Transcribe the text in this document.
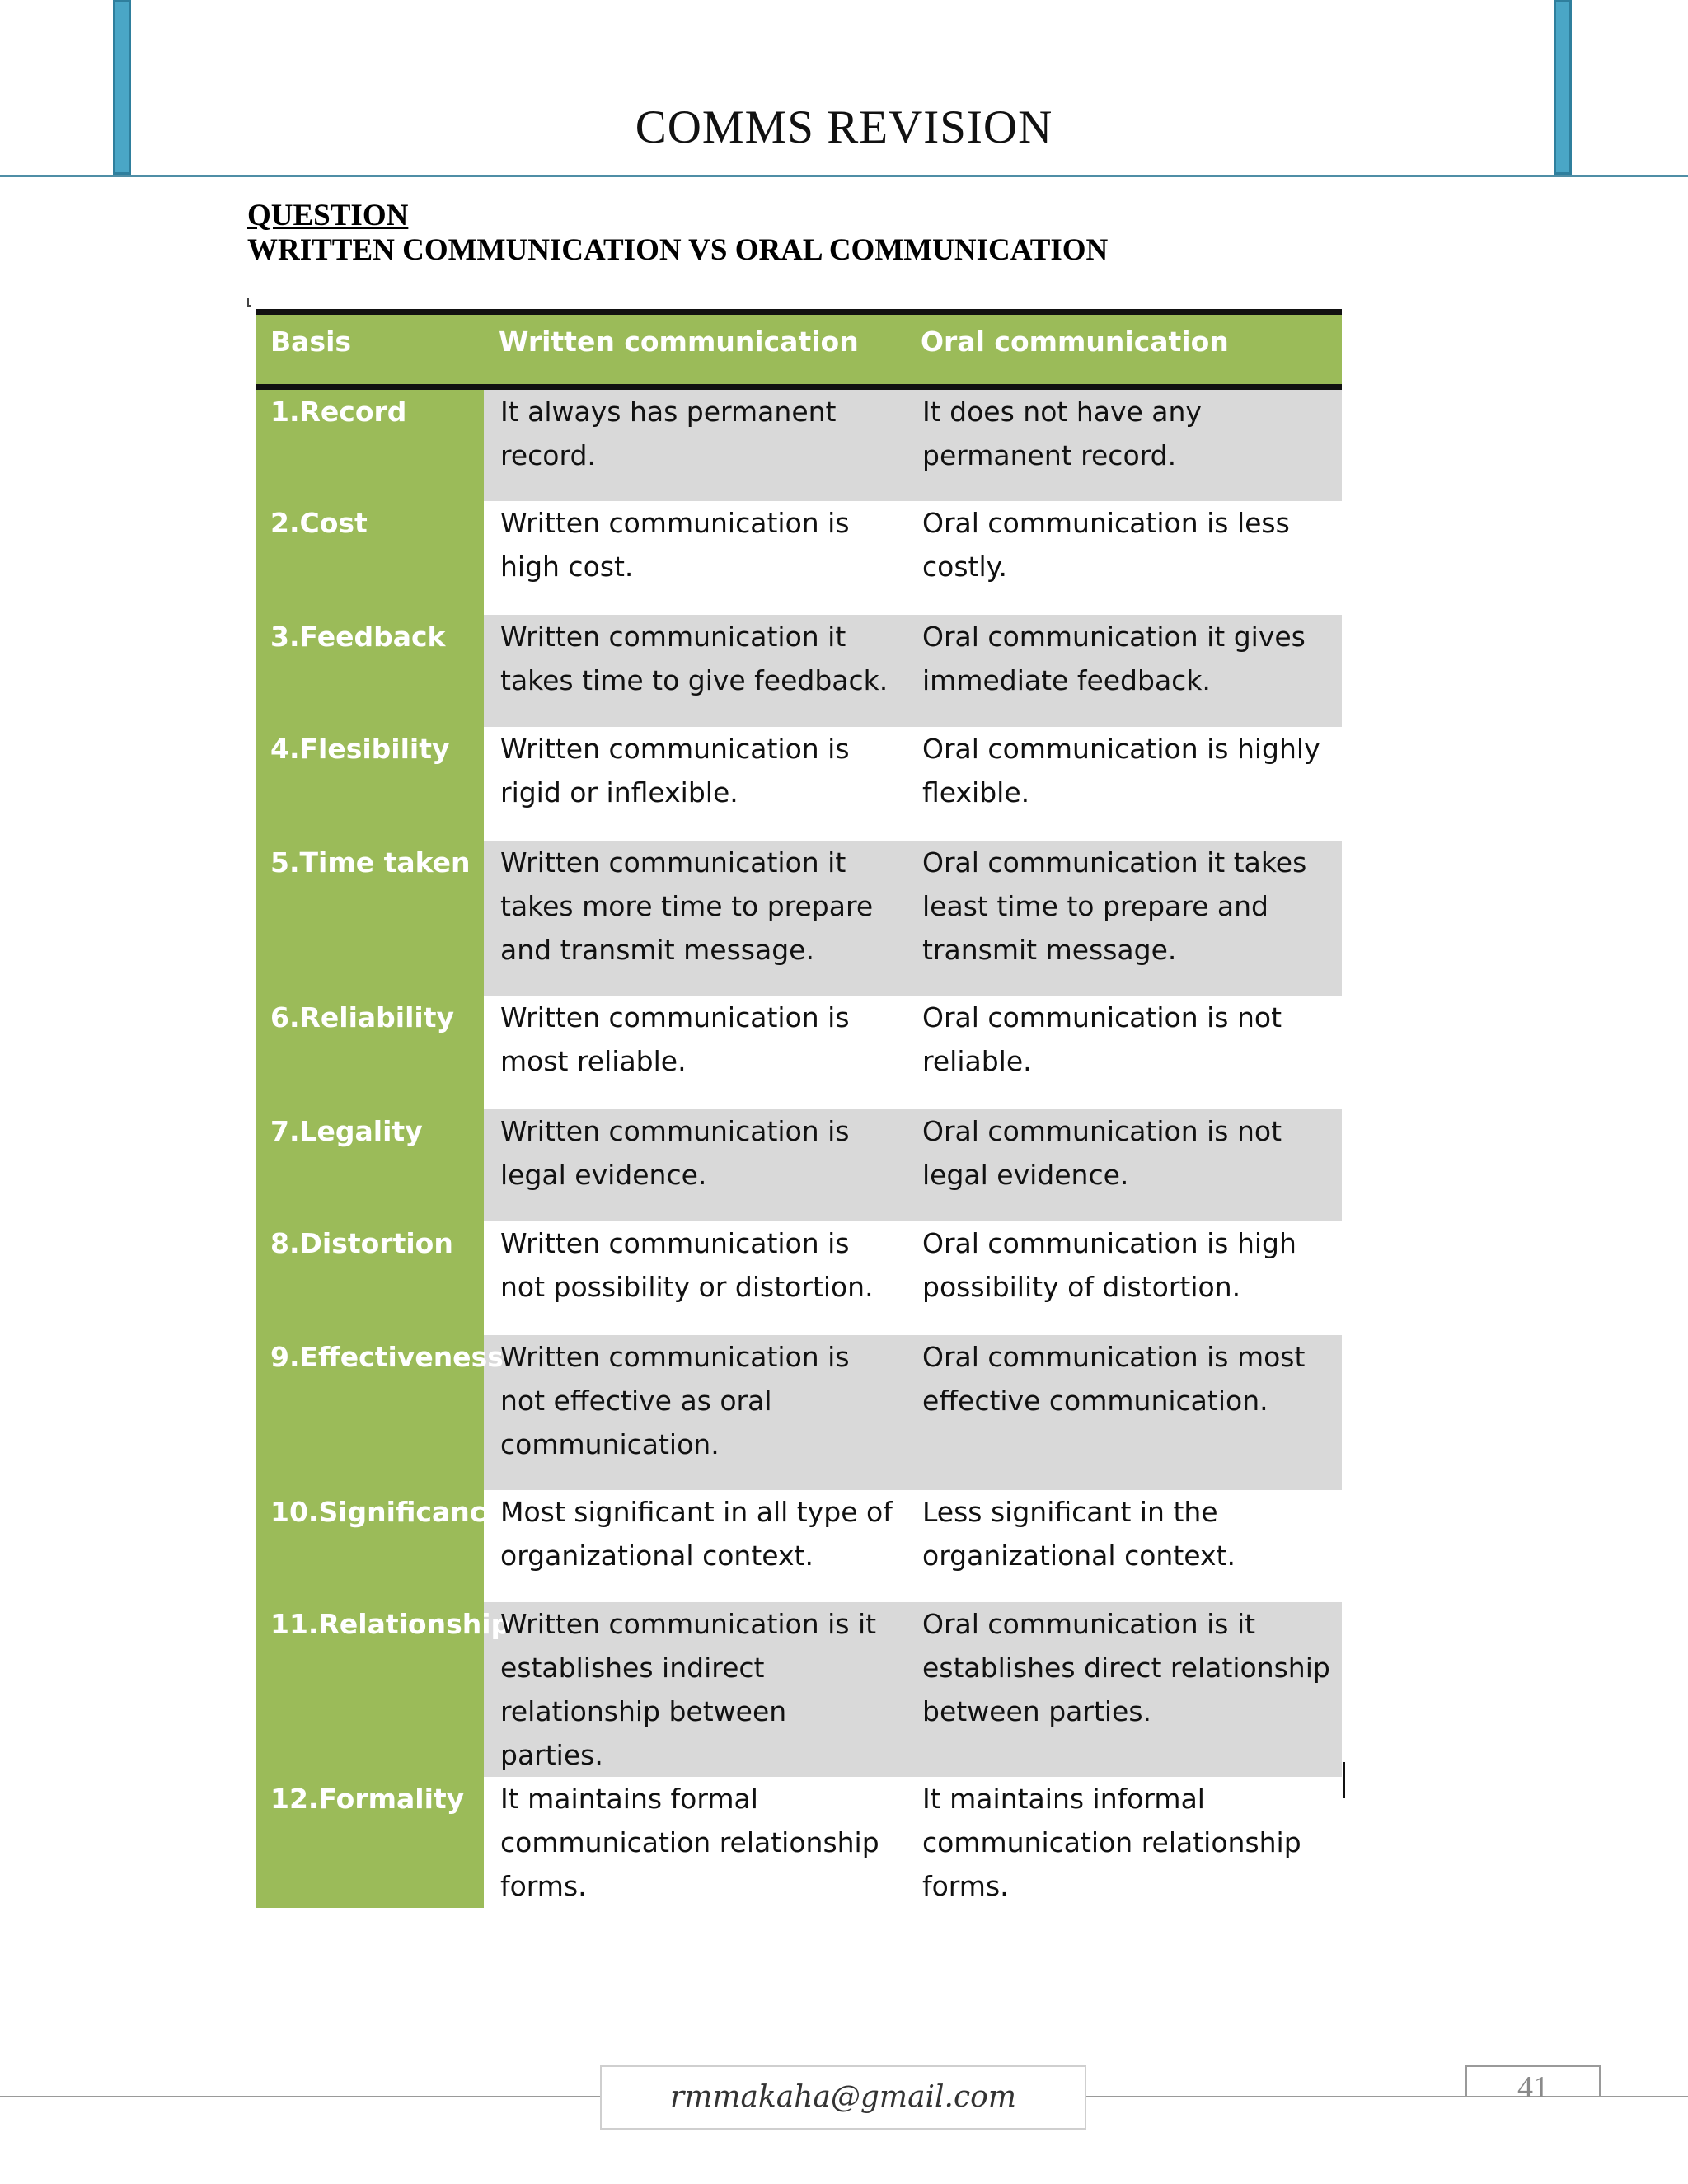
COMMS REVISION
QUESTION
WRITTEN COMMUNICATION VS ORAL COMMUNICATION
Basis	Written communication	Oral communication
1.Record	It always has permanent record.	It does not have any permanent record.
2.Cost	Written communication is high cost.	Oral communication is less costly.
3.Feedback	Written communication it takes time to give feedback.	Oral communication it gives immediate feedback.
4.Flesibility	Written communication is rigid or inflexible.	Oral communication is highly flexible.
5.Time taken	Written communication it takes more time to prepare and transmit message.	Oral communication it takes least time to prepare and transmit message.
6.Reliability	Written communication is most reliable.	Oral communication is not reliable.
7.Legality	Written communication is legal evidence.	Oral communication is not legal evidence.
8.Distortion	Written communication is not possibility or distortion.	Oral communication is high possibility of distortion.
9.Effectiveness	Written communication is not effective as oral communication.	Oral communication is most effective communication.
10.Significance	Most significant in all type of organizational context.	Less significant in the organizational context.
11.Relationship	Written communication is it establishes indirect relationship between parties.	Oral communication is it establishes direct relationship between parties.
12.Formality	It maintains formal communication relationship forms.	It maintains informal communication relationship forms.
rmmakaha@gmail.com	41
